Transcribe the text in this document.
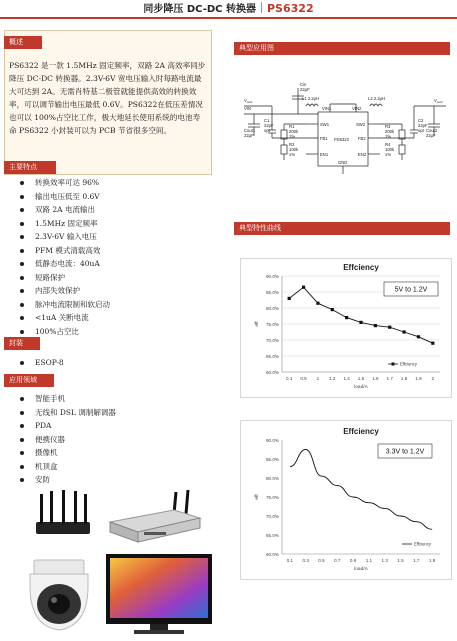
同步降压 DC-DC 转换器 PS6322
概述
PS6322 是一款 1.5MHz 固定频率，双路 2A 高效率同步降压 DC-DC 转换器。2.3V-6V 宽电压输入时每路电流最大可达到 2A。无需肖特基二极管就能提供高效的转换效率，可以调节输出电压最低 0.6V。PS6322在低压差情况也可以 100%占空比工作，极大地延长使用系统的电池寿命 PS6322 小封装可以为 PCB 节省很多空间。
主要特点
转换效率可达 96%
输出电压低至 0.6V
双路 2A 电流输出
1.5MHz 固定频率
2.3V-6V 输入电压
PFM 模式清载高效
低静态电流：40uA
短路保护
内部失效保护
脉冲电流限制和软启动
<1uA 关断电流
100%占空比
封装
ESOP-8
应用领域
智能手机
无线和 DSL 调制解调器
PDA
便携仪器
摄像机
机顶盒
安防
典型应用图
VIN
$V_{out1}$	$V_{out2}$
Cin
22μF
Cout1
22μF
Cout2
22μF
L1 2.2μH	L2 2.2μH
VIN1	VIN2
SW1	SW2
FB1	FB2
EN1	EN2
GND
PS6322
C1
22pF
opt
C2
22pF
opt
R1
200k
1%
R2
100k
1%
R3
200k
1%
R4
100k
1%
典型特性曲线
Effciency
90.0%
85.0%
80.0%
75.0%
70.0%
65.0%
60.0%
0.1 0.5 1 1.2 1.4 1.5 1.6 1.7 1.8 1.9 2
load/A
eff
Effciency
5V to 1.2V
Effciency
90.0%
85.0%
80.0%
75.0%
70.0%
65.0%
60.0%
0.1 0.3 0.5 0.7 0.9 1.1 1.3 1.5 1.7 1.9
load/A
eff
Effciency
3.3V to 1.2V
